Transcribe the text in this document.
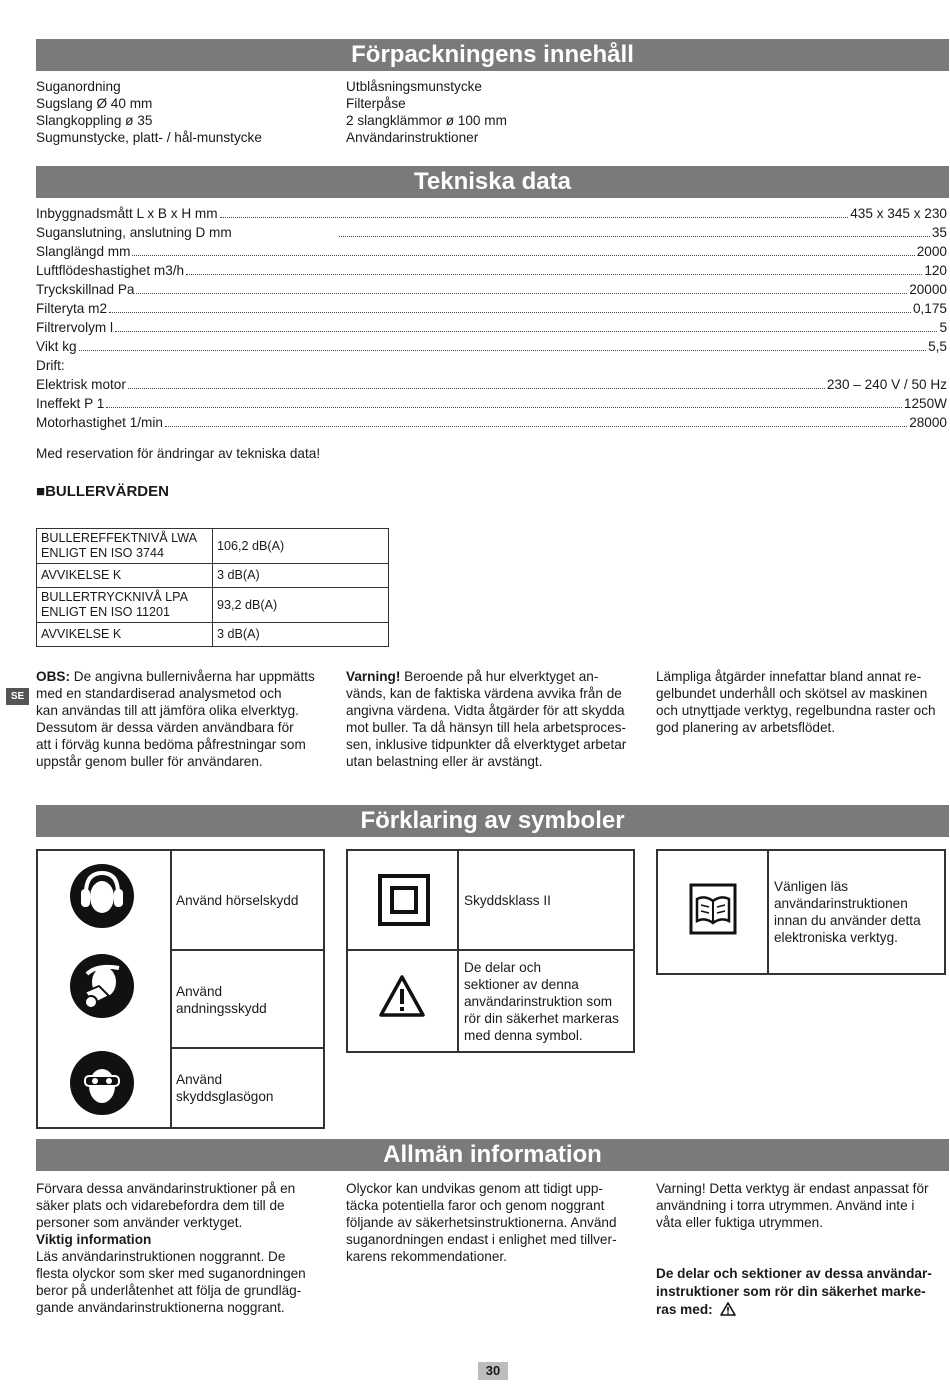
Förpackningens innehåll
Suganordning
Sugslang Ø 40 mm
Slangkoppling ø 35
Sugmunstycke, platt- / hål-munstycke
Utblåsningsmunstycke
Filterpåse
2 slangklämmor ø 100 mm
Användarinstruktioner
Tekniska data
Inbyggnadsmått L x B x H mm	435 x 345 x 230
Suganslutning, anslutning D mm	35
Slanglängd mm	2000
Luftflödeshastighet m3/h	120
Tryckskillnad Pa	20000
Filteryta m2	0,175
Filtrervolym l	5
Vikt kg	5,5
Drift:
Elektrisk motor	230 – 240 V / 50 Hz
Ineffekt P 1	1250W
Motorhastighet 1/min	28000
Med reservation för ändringar av tekniska data!
■BULLERVÄRDEN
BULLEREFFEKTNIVÅ LWA
ENLIGT EN ISO 3744	106,2 dB(A)
AVVIKELSE K	3 dB(A)
BULLERTRYCKNIVÅ LPA
ENLIGT EN ISO 11201	93,2 dB(A)
AVVIKELSE K	3 dB(A)
SE
OBS: De angivna bullernivåerna har uppmätts
med en standardiserad analysmetod och
kan användas till att jämföra olika elverktyg.
Dessutom är dessa värden användbara för
att i förväg kunna bedöma påfrestningar som
uppstår genom buller för användaren.
Varning! Beroende på hur elverktyget an-
vänds, kan de faktiska värdena avvika från de
angivna värdena. Vidta åtgärder för att skydda
mot buller. Ta då hänsyn till hela arbetsproces-
sen, inklusive tidpunkter då elverktyget arbetar
utan belastning eller är avstängt.
Lämpliga åtgärder innefattar bland annat re-
gelbundet underhåll och skötsel av maskinen
och utnyttjade verktyg, regelbundna raster och
god planering av arbetsflödet.
Förklaring av symboler
Använd hörselskydd
Använd
andningsskydd
Använd
skyddsglasögon
Skyddsklass II
De delar och
sektioner av denna
användarinstruktion som
rör din säkerhet markeras
med denna symbol.
Vänligen läs
användarinstruktionen
innan du använder detta
elektroniska verktyg.
Allmän information
Förvara dessa användarinstruktioner på en
säker plats och vidarebefordra dem till de
personer som använder verktyget.
Viktig information
Läs användarinstruktionen noggrannt. De
flesta olyckor som sker med suganordningen
beror på underlåtenhet att följa de grundläg-
gande användarinstruktionerna noggrant.
Olyckor kan undvikas genom att tidigt upp-
täcka potentiella faror och genom noggrant
följande av säkerhetsinstruktionerna. Använd
suganordningen endast i enlighet med tillver-
karens rekommendationer.
Varning! Detta verktyg är endast anpassat för
användning i torra utrymmen. Använd inte i
våta eller fuktiga utrymmen.
De delar och sektioner av dessa användar-
instruktioner som rör din säkerhet marke-
ras med:
30
